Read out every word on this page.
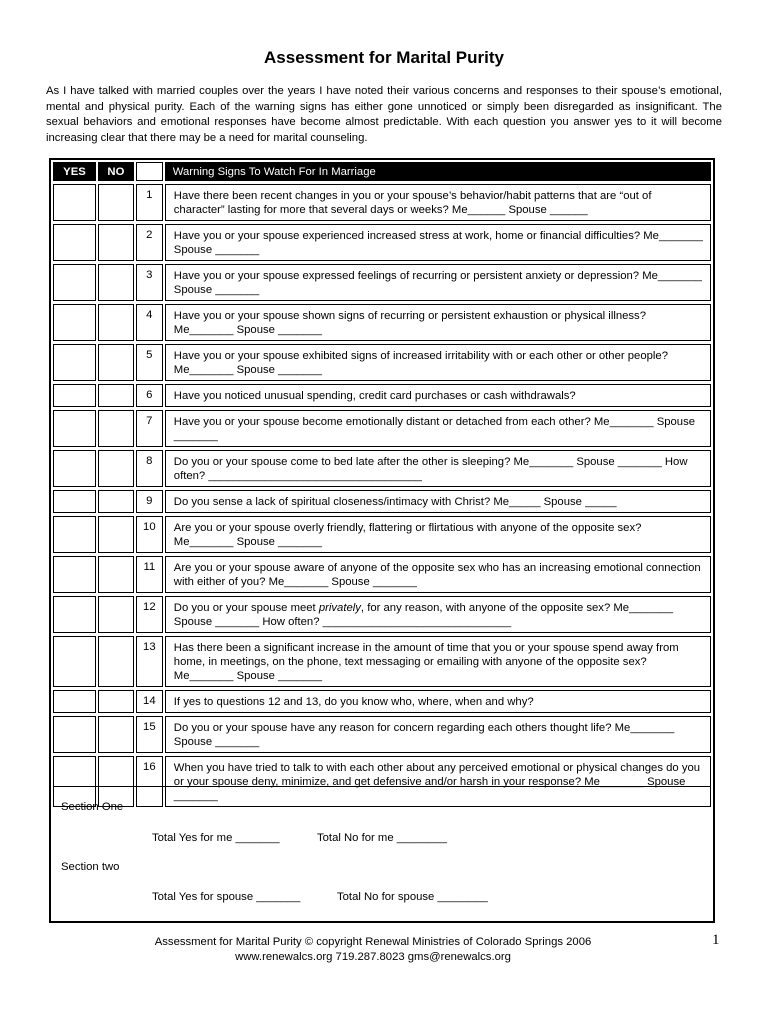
Assessment for Marital Purity
As I have talked with married couples over the years I have noted their various concerns and responses to their spouse’s emotional, mental and physical purity. Each of the warning signs has either gone unnoticed or simply been disregarded as insignificant. The sexual behaviors and emotional responses have become almost predictable. With each question you answer yes to it will become increasing clear that there may be a need for marital counseling.
YES		NO				Warning Signs To Watch For In Marriage

				1		Have there been recent changes in you or your spouse’s behavior/habit patterns that are “out of character” lasting for more that several days or weeks? Me______ Spouse ______

				2		Have you or your spouse experienced increased stress at work, home or financial difficulties? Me_______ Spouse _______

				3		Have you or your spouse expressed feelings of recurring or persistent anxiety or depression? Me_______ Spouse _______

				4		Have you or your spouse shown signs of recurring or persistent exhaustion or physical illness? Me_______ Spouse _______

				5		Have you or your spouse exhibited signs of increased irritability with or each other or other people? Me_______ Spouse _______

				6		Have you noticed unusual spending, credit card purchases or cash withdrawals?

				7		Have you or your spouse become emotionally distant or detached from each other? Me_______ Spouse _______

				8		Do you or your spouse come to bed late after the other is sleeping? Me_______ Spouse _______ How often? __________________________________

				9		Do you sense a lack of spiritual closeness/intimacy with Christ? Me_____ Spouse _____

				10		Are you or your spouse overly friendly, flattering or flirtatious with anyone of the opposite sex? Me_______ Spouse _______

				11		Are you or your spouse aware of anyone of the opposite sex who has an increasing emotional connection with either of you? Me_______ Spouse _______

				12		Do you or your spouse meet privately, for any reason, with anyone of the opposite sex? Me_______ Spouse _______ How often? ______________________________

				13		Has there been a significant increase in the amount of time that you or your spouse spend away from home, in meetings, on the phone, text messaging or emailing with anyone of the opposite sex? Me_______ Spouse _______

				14		If yes to questions 12 and 13, do you know who, where, when and why?

				15		Do you or your spouse have any reason for concern regarding each others thought life? Me_______ Spouse _______

				16		When you have tried to talk to with each other about any perceived emotional or physical changes do you or your spouse deny, minimize, and get defensive and/or harsh in your response? Me_______ Spouse _______
Section One
Total Yes for me _______	Total No for me ________
Section two
Total Yes for spouse _______	Total No for spouse ________
Assessment for Marital Purity © copyright Renewal Ministries of Colorado Springs 2006
www.renewalcs.org 719.287.8023 gms@renewalcs.org
1
